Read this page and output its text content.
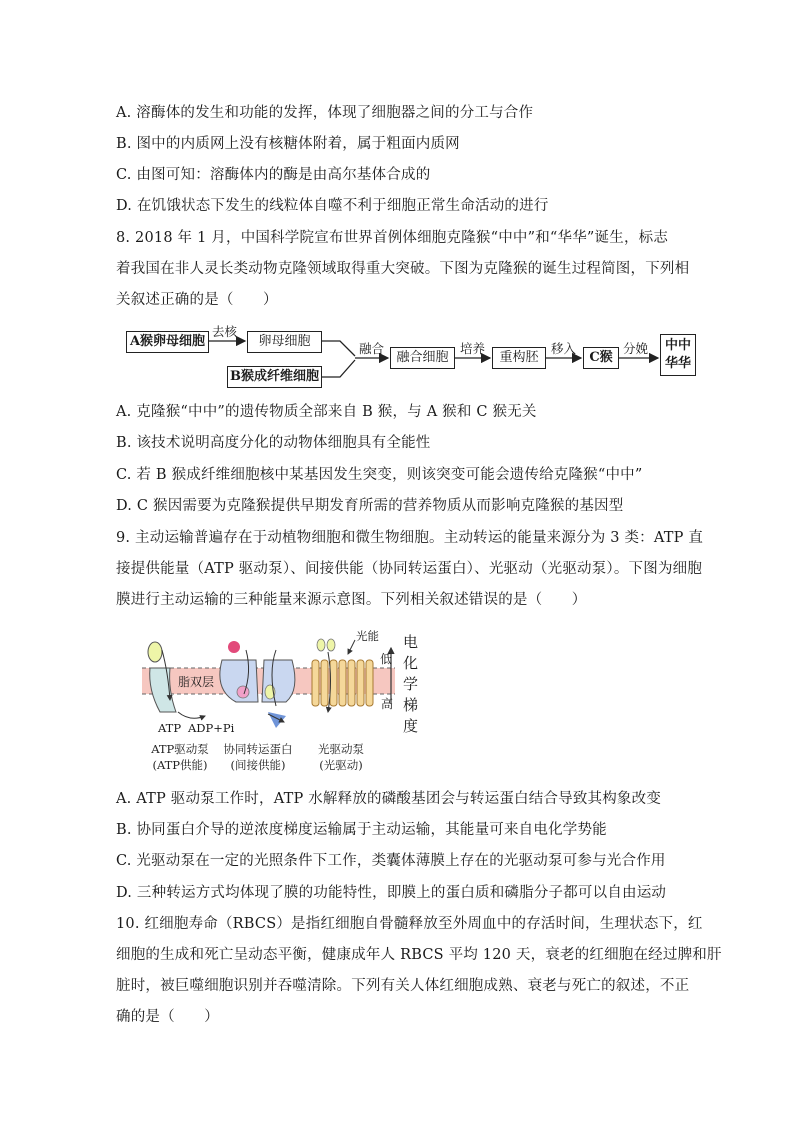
A. 溶酶体的发生和功能的发挥，体现了细胞器之间的分工与合作
B. 图中的内质网上没有核糖体附着，属于粗面内质网
C. 由图可知：溶酶体内的酶是由高尔基体合成的
D. 在饥饿状态下发生的线粒体自噬不利于细胞正常生命活动的进行
8. 2018 年 1 月，中国科学院宣布世界首例体细胞克隆猴“中中”和“华华”诞生，标志
着我国在非人灵长类动物克隆领域取得重大突破。下图为克隆猴的诞生过程简图，下列相
关叙述正确的是（　　）
A猴卵母细胞
去核
卵母细胞
B猴成纤维细胞
融合
融合细胞
培养
重构胚
移入
C猴
分娩	中中
华华
A. 克隆猴“中中”的遗传物质全部来自 B 猴，与 A 猴和 C 猴无关
B. 该技术说明高度分化的动物体细胞具有全能性
C. 若 B 猴成纤维细胞核中某基因发生突变，则该突变可能会遗传给克隆猴“中中”
D. C 猴因需要为克隆猴提供早期发育所需的营养物质从而影响克隆猴的基因型
9. 主动运输普遍存在于动植物细胞和微生物细胞。主动转运的能量来源分为 3 类：ATP 直
接提供能量（ATP 驱动泵）、间接供能（协同转运蛋白）、光驱动（光驱动泵）。下图为细胞
膜进行主动运输的三种能量来源示意图。下列相关叙述错误的是（　　）
脂双层
光能
低
高
电
化
学
梯
度
ATP ADP+Pi
ATP驱动泵
(ATP供能)
协同转运蛋白
(间接供能)
光驱动泵
(光驱动)
A. ATP 驱动泵工作时，ATP 水解释放的磷酸基团会与转运蛋白结合导致其构象改变
B. 协同蛋白介导的逆浓度梯度运输属于主动运输，其能量可来自电化学势能
C. 光驱动泵在一定的光照条件下工作，类囊体薄膜上存在的光驱动泵可参与光合作用
D. 三种转运方式均体现了膜的功能特性，即膜上的蛋白质和磷脂分子都可以自由运动
10. 红细胞寿命（RBCS）是指红细胞自骨髓释放至外周血中的存活时间，生理状态下，红
细胞的生成和死亡呈动态平衡，健康成年人 RBCS 平均 120 天，衰老的红细胞在经过脾和肝
脏时，被巨噬细胞识别并吞噬清除。下列有关人体红细胞成熟、衰老与死亡的叙述，不正
确的是（　　）
